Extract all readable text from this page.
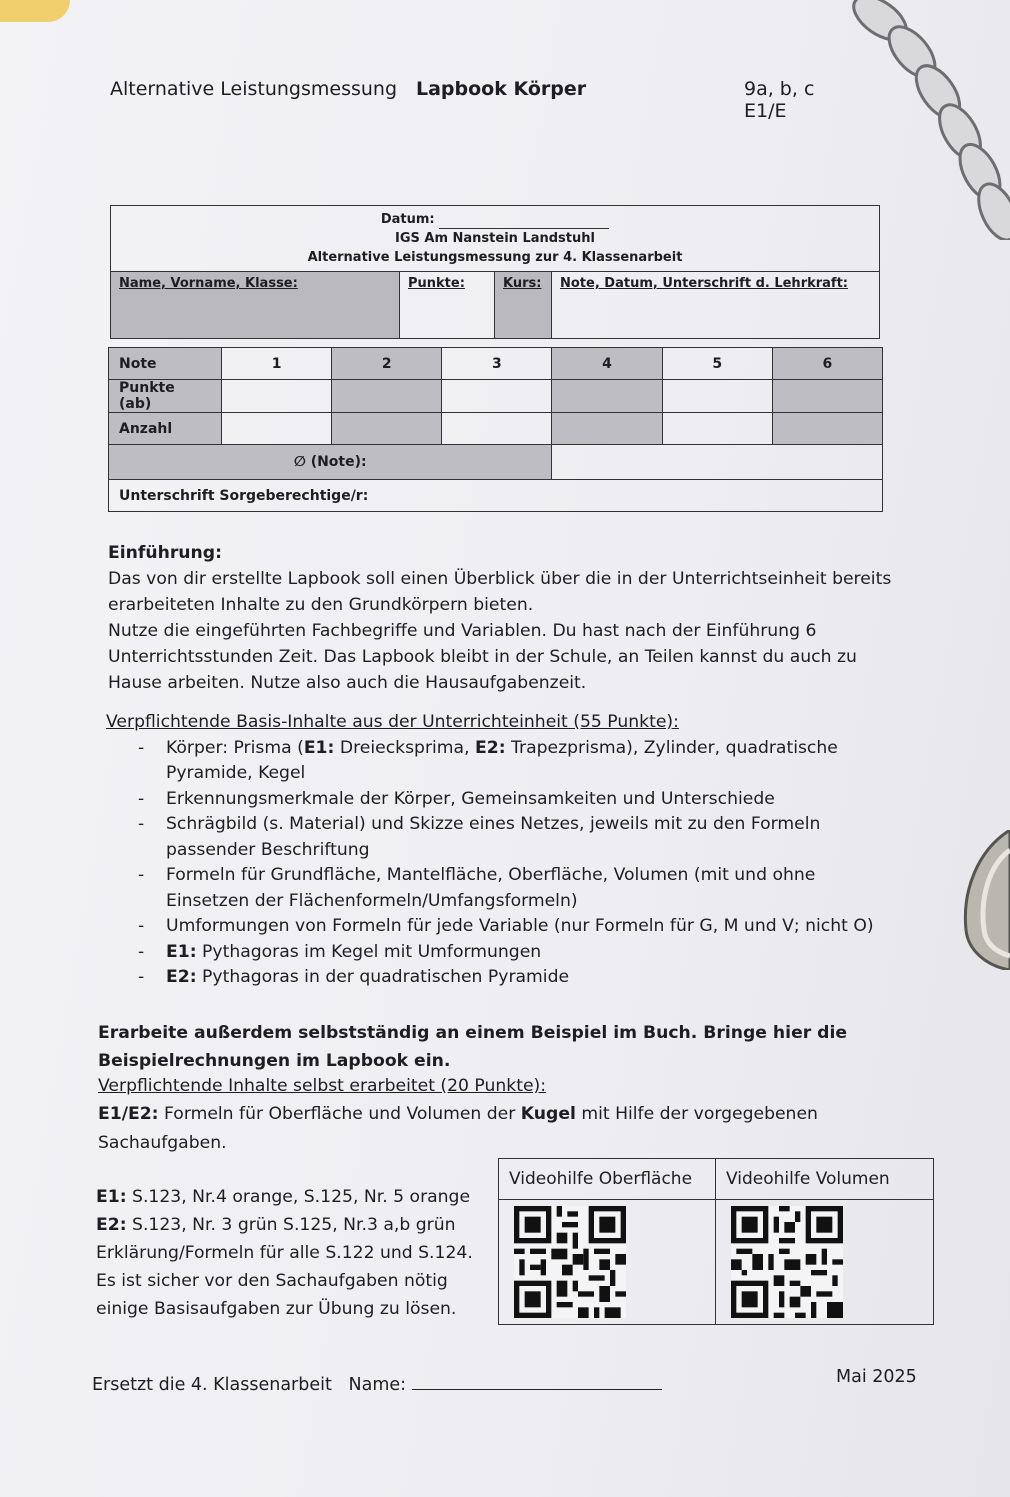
Alternative Leistungsmessung Lapbook Körper	9a, b, c E1/E
Datum:
IGS Am Nanstein Landstuhl
Alternative Leistungsmessung zur 4. Klassenarbeit

Name, Vorname, Klasse:	Punkte:	Kurs:	Note, Datum, Unterschrift d. Lehrkraft:
Note	1	2	3	4	5	6
Punkte (ab)						
Anzahl						
∅ (Note):						
Unterschrift Sorgeberechtige/r:						
Einführung:
Das von dir erstellte Lapbook soll einen Überblick über die in der Unterrichtseinheit bereits
erarbeiteten Inhalte zu den Grundkörpern bieten.
Nutze die eingeführten Fachbegriffe und Variablen. Du hast nach der Einführung 6
Unterrichtsstunden Zeit. Das Lapbook bleibt in der Schule, an Teilen kannst du auch zu
Hause arbeiten. Nutze also auch die Hausaufgabenzeit.
Verpflichtende Basis-Inhalte aus der Unterrichteinheit (55 Punkte):
- Körper: Prisma (E1: Dreiecksprima, E2: Trapezprisma), Zylinder, quadratische
Pyramide, Kegel
- Erkennungsmerkmale der Körper, Gemeinsamkeiten und Unterschiede
- Schrägbild (s. Material) und Skizze eines Netzes, jeweils mit zu den Formeln
passender Beschriftung
- Formeln für Grundfläche, Mantelfläche, Oberfläche, Volumen (mit und ohne
Einsetzen der Flächenformeln/Umfangsformeln)
- Umformungen von Formeln für jede Variable (nur Formeln für G, M und V; nicht O)
- E1: Pythagoras im Kegel mit Umformungen
- E2: Pythagoras in der quadratischen Pyramide
Erarbeite außerdem selbstständig an einem Beispiel im Buch. Bringe hier die
Beispielrechnungen im Lapbook ein.
Verpflichtende Inhalte selbst erarbeitet (20 Punkte):
E1/E2: Formeln für Oberfläche und Volumen der Kugel mit Hilfe der vorgegebenen
Sachaufgaben.
E1: S.123, Nr.4 orange, S.125, Nr. 5 orange
E2: S.123, Nr. 3 grün S.125, Nr.3 a,b grün
Erklärung/Formeln für alle S.122 und S.124.
Es ist sicher vor den Sachaufgaben nötig
einige Basisaufgaben zur Übung zu lösen.
Videohilfe Oberfläche	Videohilfe Volumen

Ersetzt die 4. Klassenarbeit Name:	Mai 2025
